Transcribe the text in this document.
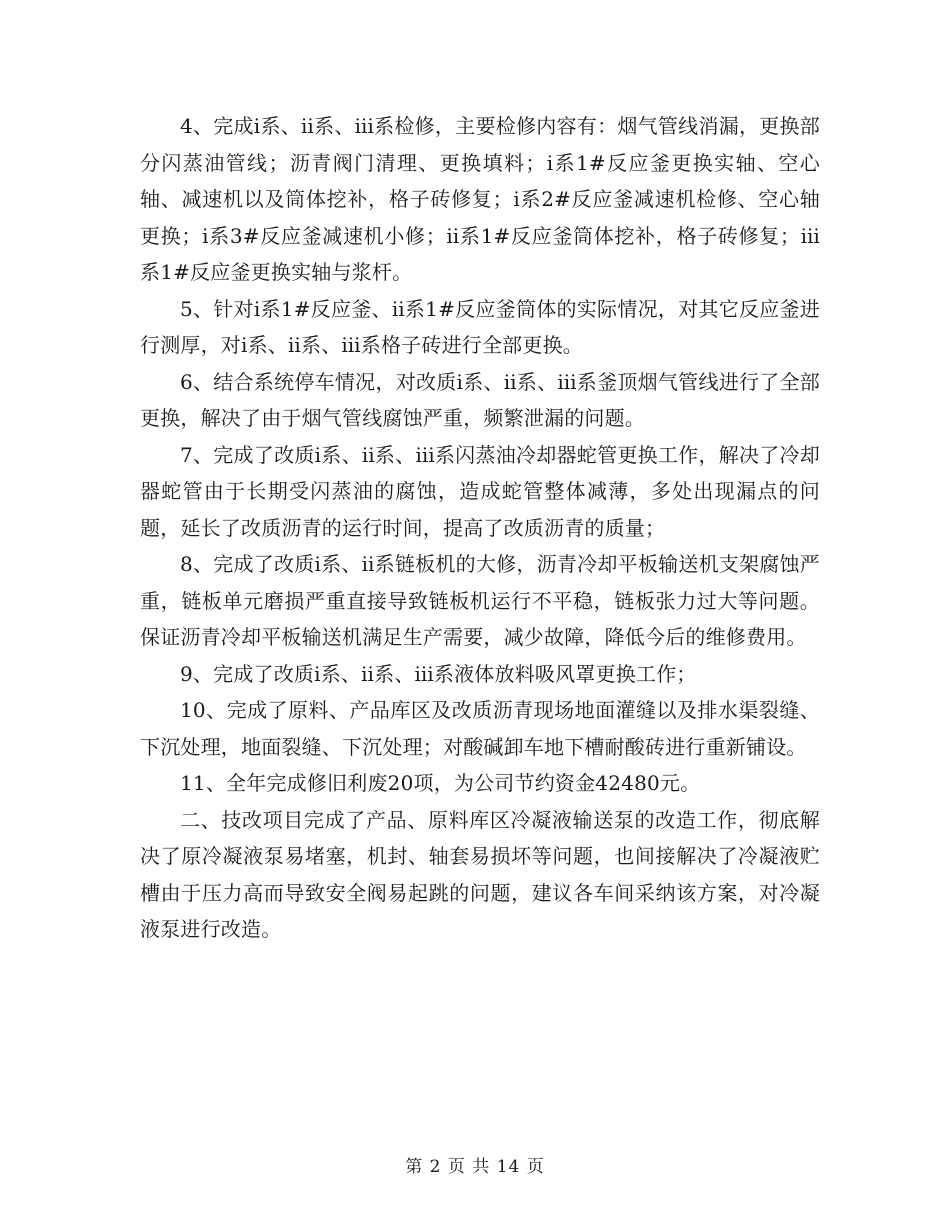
4、完成ⅰ系、ⅱ系、ⅲ系检修，主要检修内容有：烟气管线消漏，更换部分闪蒸油管线；沥青阀门清理、更换填料；ⅰ系1#反应釜更换实轴、空心轴、减速机以及筒体挖补，格子砖修复；ⅰ系2#反应釜减速机检修、空心轴更换；ⅰ系3#反应釜减速机小修；ⅱ系1#反应釜筒体挖补，格子砖修复；ⅲ系1#反应釜更换实轴与浆杆。

5、针对ⅰ系1#反应釜、ⅱ系1#反应釜筒体的实际情况，对其它反应釜进行测厚，对ⅰ系、ⅱ系、ⅲ系格子砖进行全部更换。

6、结合系统停车情况，对改质ⅰ系、ⅱ系、ⅲ系釜顶烟气管线进行了全部更换，解决了由于烟气管线腐蚀严重，频繁泄漏的问题。

7、完成了改质ⅰ系、ⅱ系、ⅲ系闪蒸油冷却器蛇管更换工作，解决了冷却器蛇管由于长期受闪蒸油的腐蚀，造成蛇管整体减薄，多处出现漏点的问题，延长了改质沥青的运行时间，提高了改质沥青的质量；

8、完成了改质ⅰ系、ⅱ系链板机的大修，沥青冷却平板输送机支架腐蚀严重，链板单元磨损严重直接导致链板机运行不平稳，链板张力过大等问题。保证沥青冷却平板输送机满足生产需要，减少故障，降低今后的维修费用。

9、完成了改质ⅰ系、ⅱ系、ⅲ系液体放料吸风罩更换工作；

10、完成了原料、产品库区及改质沥青现场地面灌缝以及排水渠裂缝、下沉处理，地面裂缝、下沉处理；对酸碱卸车地下槽耐酸砖进行重新铺设。

11、全年完成修旧利废20项，为公司节约资金42480元。

二、技改项目完成了产品、原料库区冷凝液输送泵的改造工作，彻底解决了原冷凝液泵易堵塞，机封、轴套易损坏等问题，也间接解决了冷凝液贮槽由于压力高而导致安全阀易起跳的问题，建议各车间采纳该方案，对冷凝液泵进行改造。

第 2 页 共 14 页
